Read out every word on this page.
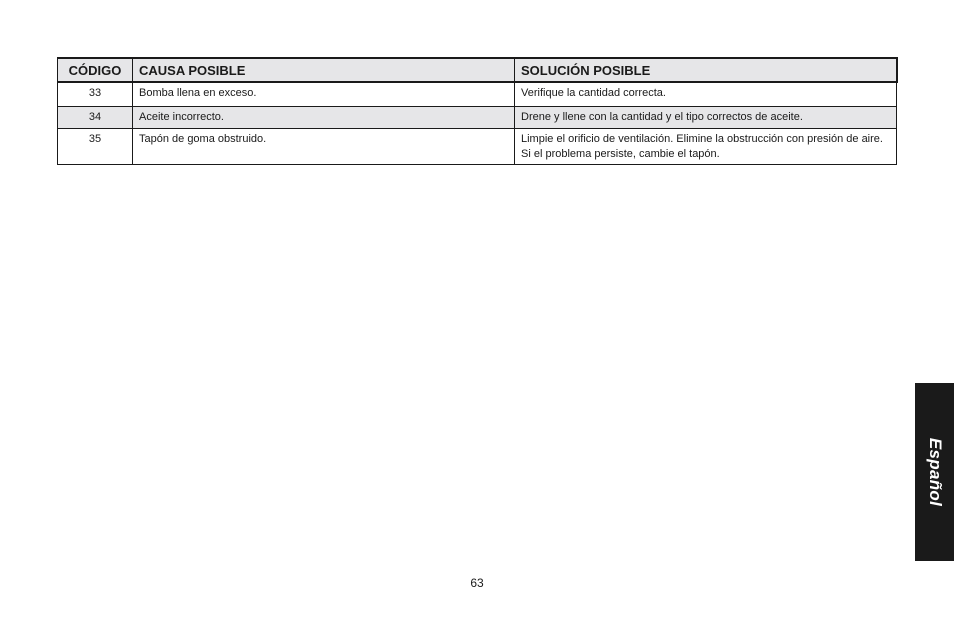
CÓDIGO	CAUSA POSIBLE	SOLUCIÓN POSIBLE
33	Bomba llena en exceso.	Verifique la cantidad correcta.
34	Aceite incorrecto.	Drene y llene con la cantidad y el tipo correctos de aceite.
35	Tapón de goma obstruido.	Limpie el orificio de ventilación. Elimine la obstrucción con presión de aire. Si el problema persiste, cambie el tapón.
Español
63
